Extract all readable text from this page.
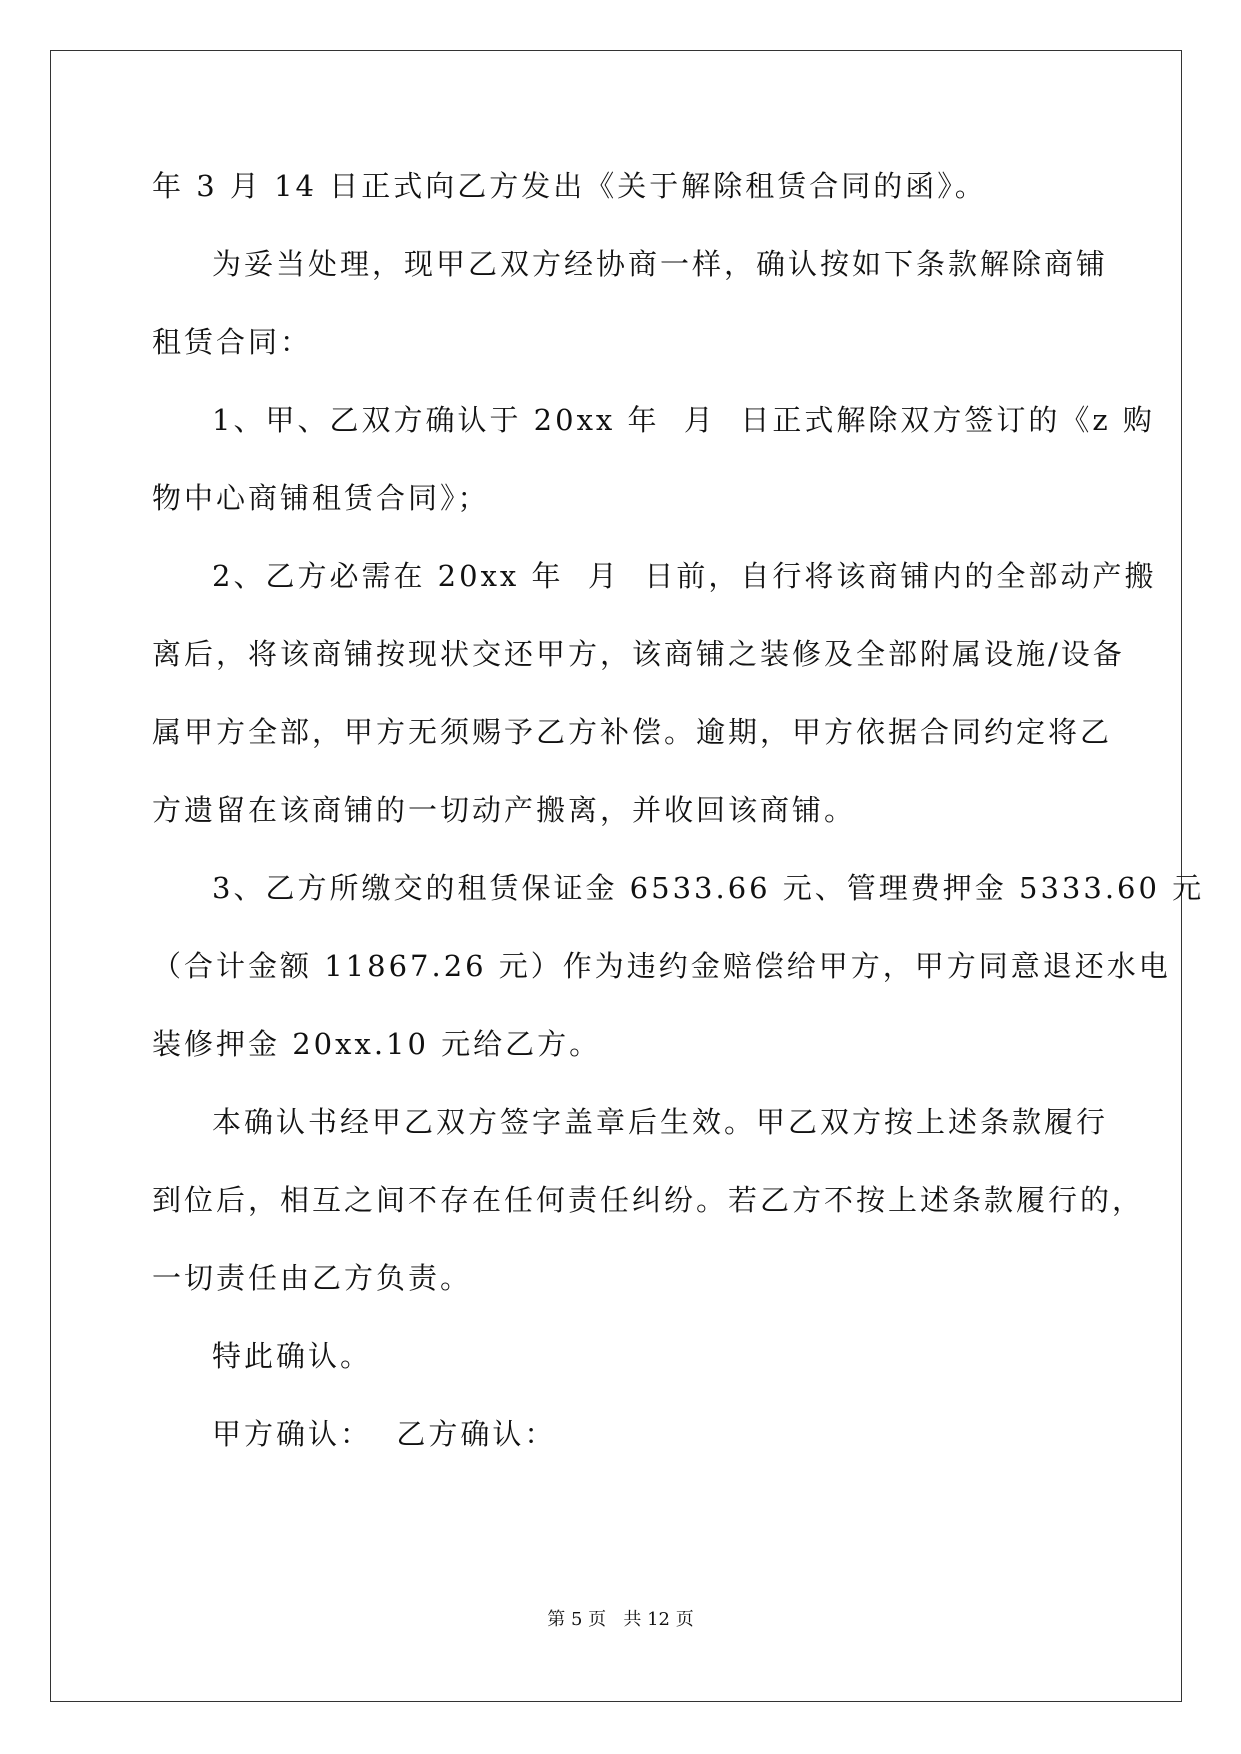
年 3 月 14 日正式向乙方发出《关于解除租赁合同的函》。
为妥当处理，现甲乙双方经协商一样，确认按如下条款解除商铺
租赁合同：
1、甲、乙双方确认于 20xx 年  月  日正式解除双方签订的《z 购
物中心商铺租赁合同》；
2、乙方必需在 20xx 年  月  日前，自行将该商铺内的全部动产搬
离后，将该商铺按现状交还甲方，该商铺之装修及全部附属设施/设备
属甲方全部，甲方无须赐予乙方补偿。逾期，甲方依据合同约定将乙
方遗留在该商铺的一切动产搬离，并收回该商铺。
3、乙方所缴交的租赁保证金 6533.66 元、管理费押金 5333.60 元
（合计金额 11867.26 元）作为违约金赔偿给甲方，甲方同意退还水电
装修押金 20xx.10 元给乙方。
本确认书经甲乙双方签字盖章后生效。甲乙双方按上述条款履行
到位后，相互之间不存在任何责任纠纷。若乙方不按上述条款履行的，
一切责任由乙方负责。
特此确认。
甲方确认：  乙方确认：
第 5 页   共 12 页
